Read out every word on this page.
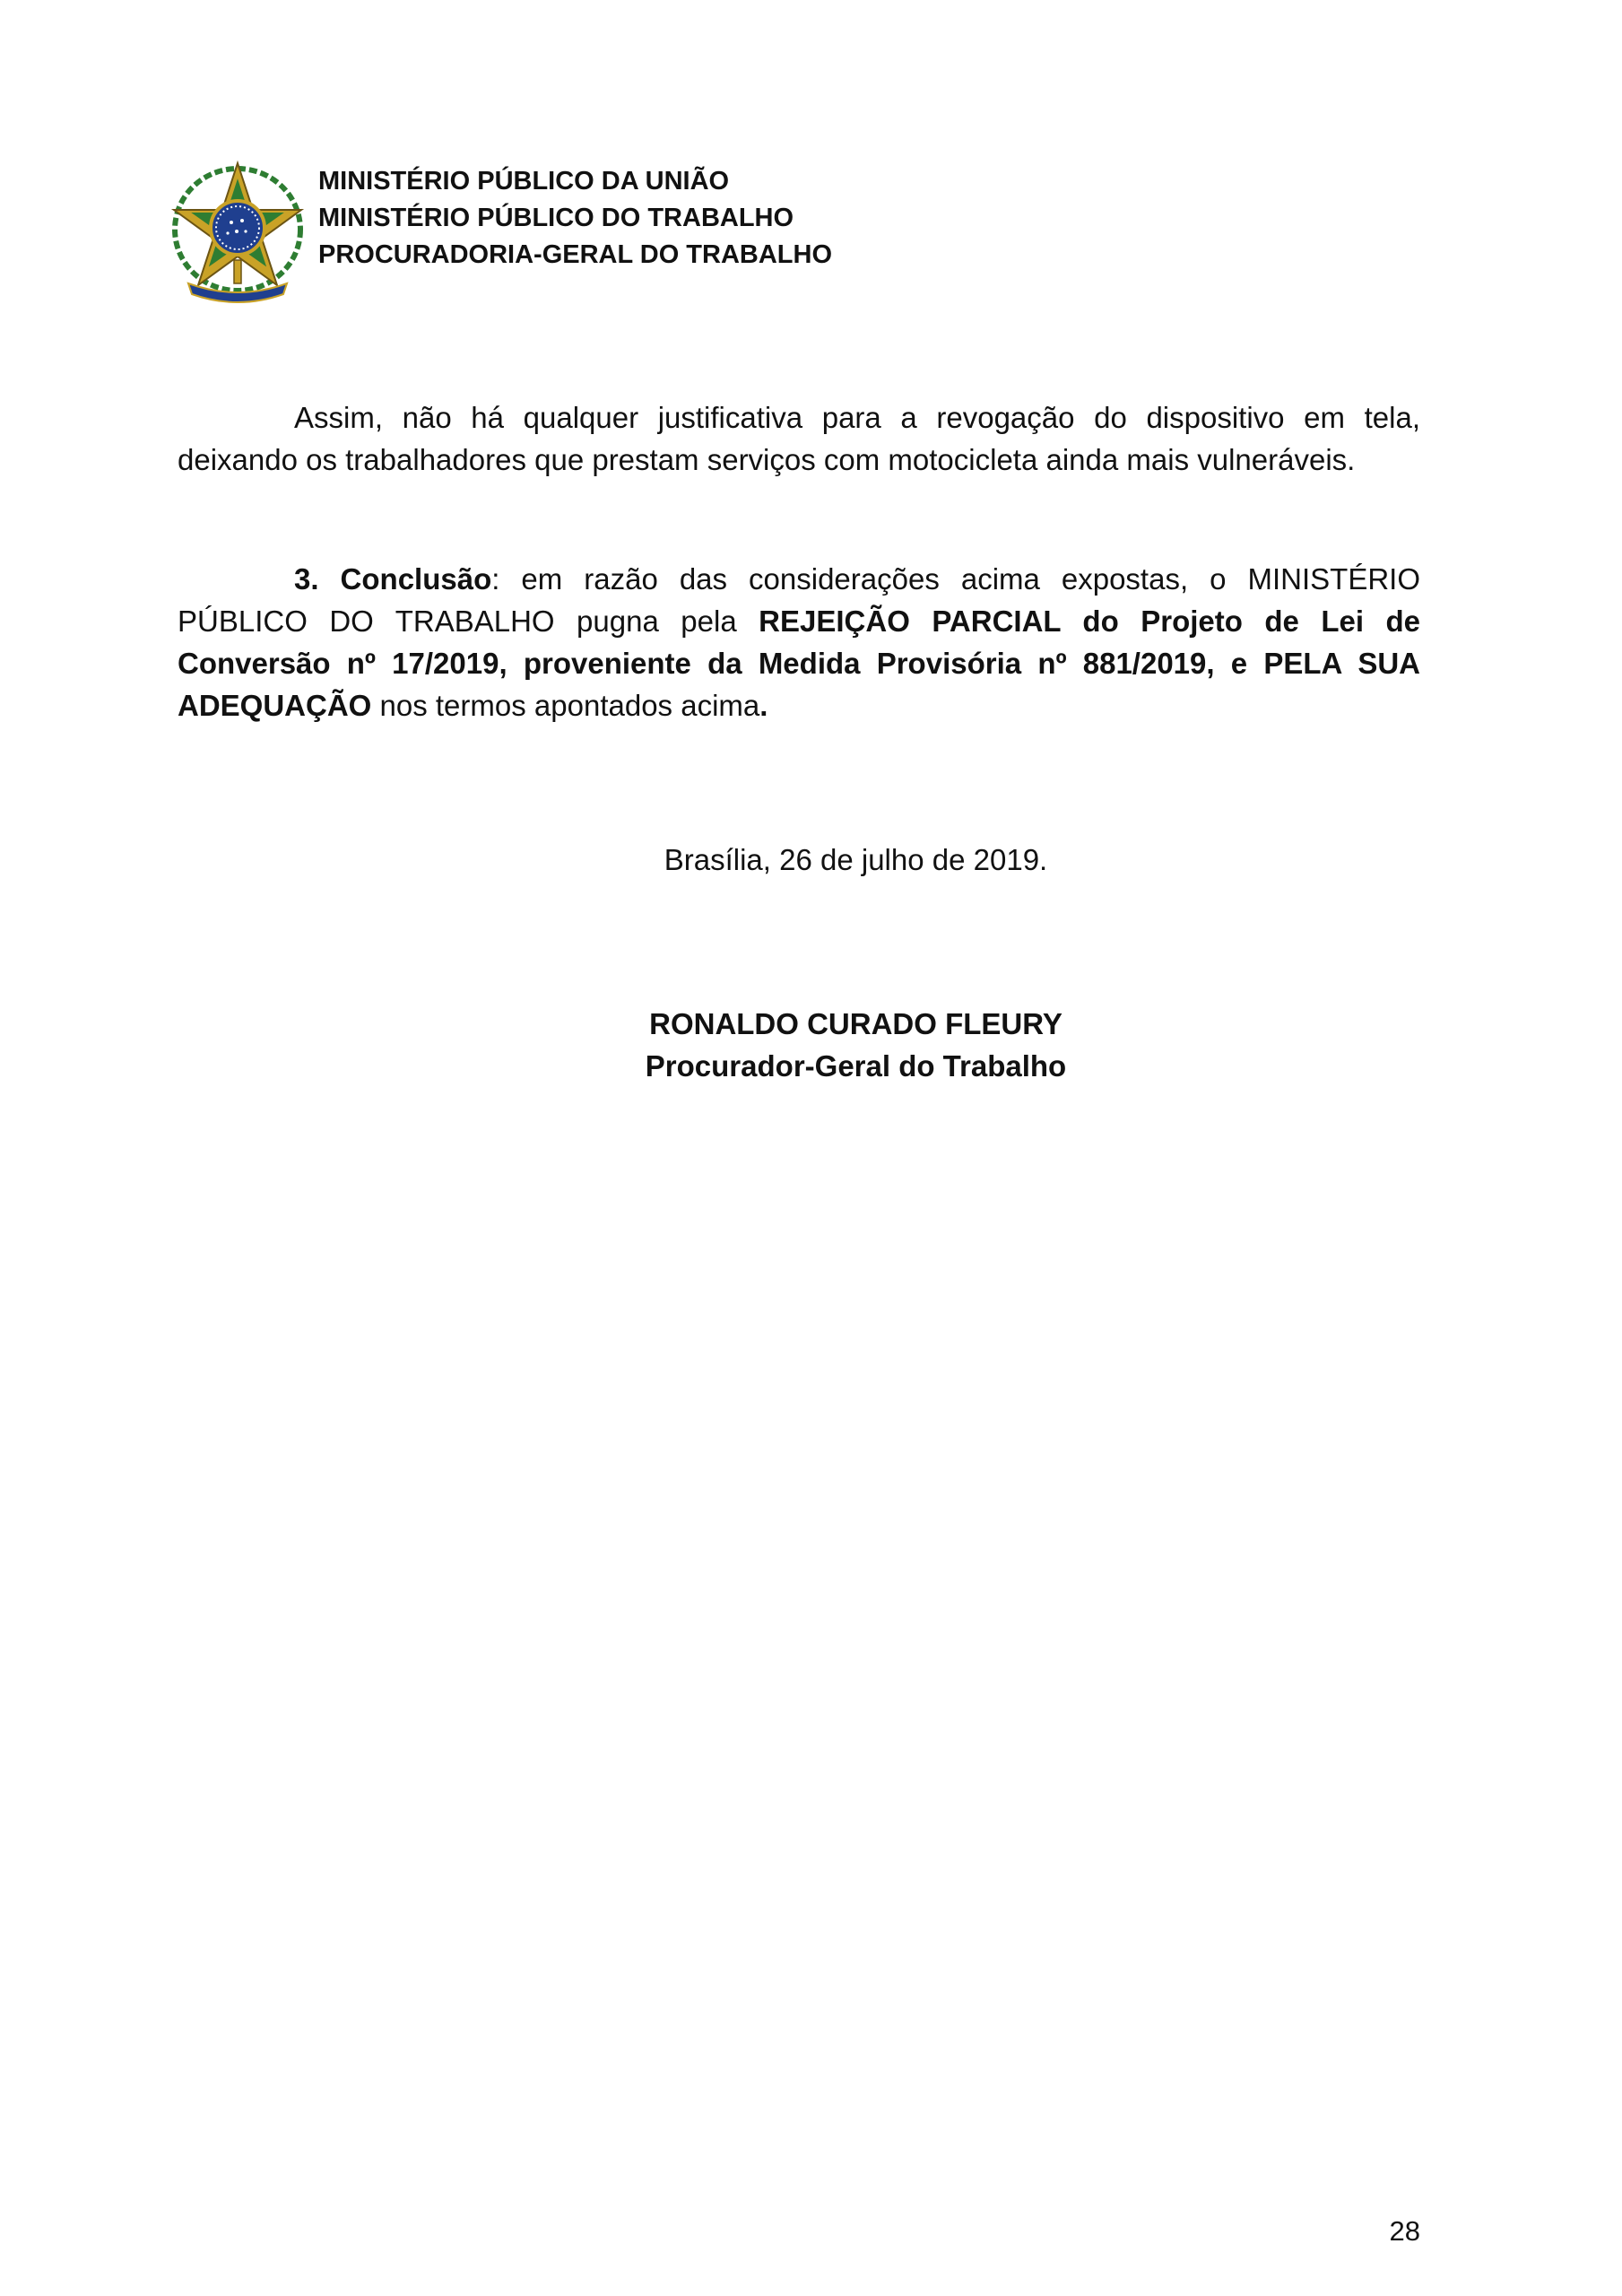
MINISTÉRIO PÚBLICO DA UNIÃO
MINISTÉRIO PÚBLICO DO TRABALHO
PROCURADORIA-GERAL DO TRABALHO

Assim, não há qualquer justificativa para a revogação do dispositivo em tela, deixando os trabalhadores que prestam serviços com motocicleta ainda mais vulneráveis.

3. Conclusão: em razão das considerações acima expostas, o MINISTÉRIO PÚBLICO DO TRABALHO pugna pela REJEIÇÃO PARCIAL do Projeto de Lei de Conversão nº 17/2019, proveniente da Medida Provisória nº 881/2019, e PELA SUA ADEQUAÇÃO nos termos apontados acima.

Brasília, 26 de julho de 2019.
RONALDO CURADO FLEURY
Procurador-Geral do Trabalho
28
